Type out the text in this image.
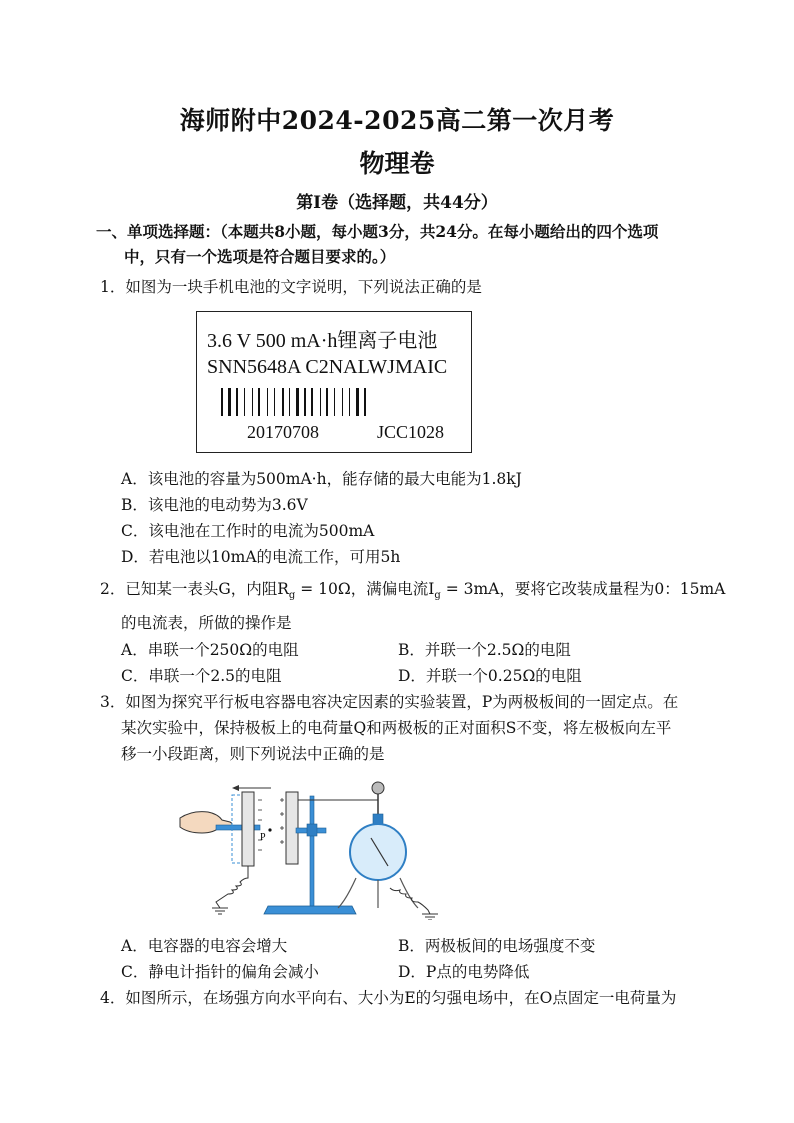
海师附中2024-2025高二第一次月考
物理卷
第Ⅰ卷（选择题，共44分）
一、单项选择题：（本题共8小题，每小题3分，共24分。在每小题给出的四个选项
中，只有一个选项是符合题目要求的。）
1．如图为一块手机电池的文字说明，下列说法正确的是
3.6 V 500 mA·h锂离子电池
SNN5648A C2NALWJMAIC
20170708	JCC1028
A．该电池的容量为500mA·h，能存储的最大电能为1.8kJ
B．该电池的电动势为3.6V
C．该电池在工作时的电流为500mA
D．若电池以10mA的电流工作，可用5h
2．已知某一表头G，内阻$R_g = 10\Omega$，满偏电流$I_g = 3mA$，要将它改装成量程为0：15mA
的电流表，所做的操作是
A．串联一个250Ω的电阻	B．并联一个2.5Ω的电阻
C．串联一个2.5的电阻	D．并联一个0.25Ω的电阻
3．如图为探究平行板电容器电容决定因素的实验装置，P为两极板间的一固定点。在
某次实验中，保持极板上的电荷量Q和两极板的正对面积S不变，将左极板向左平
移一小段距离，则下列说法中正确的是
P
A．电容器的电容会增大	B．两极板间的电场强度不变
C．静电计指针的偏角会减小	D．P点的电势降低
4．如图所示，在场强方向水平向右、大小为E的匀强电场中，在O点固定一电荷量为
